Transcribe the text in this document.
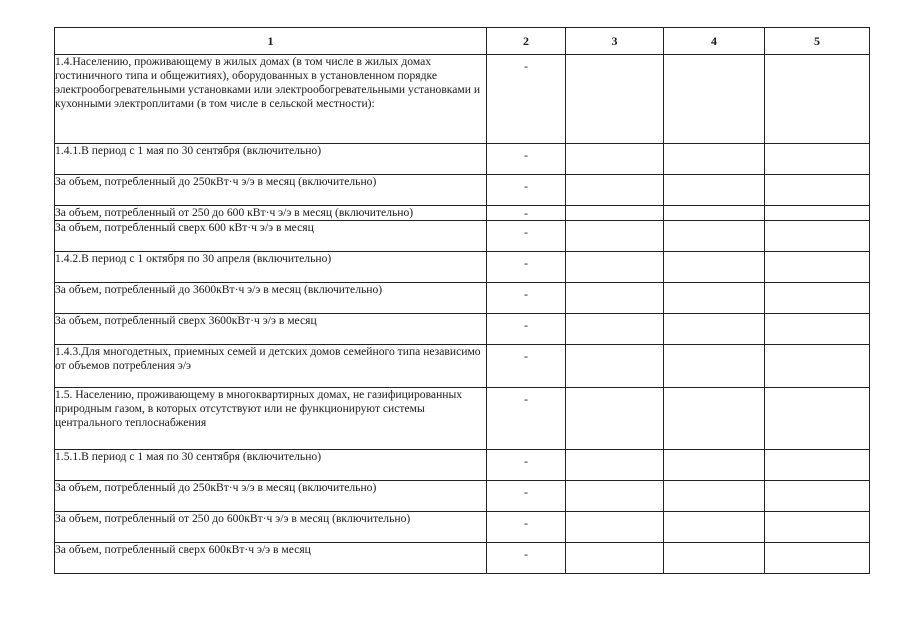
1	2	3	4	5
1.4.Населению, проживающему в жилых домах (в том числе в жилых домах гостиничного типа и общежитиях), оборудованных в установленном порядке электрообогревательными установками или электрообогревательными установками и кухонными электроплитами (в том числе в сельской местности):	-			
1.4.1.В период с 1 мая по 30 сентября (включительно)	-			
За объем, потребленный до 250кВт·ч э/э в месяц (включительно)	-			
За объем, потребленный от 250 до 600 кВт·ч э/э в месяц (включительно)	-			
За объем, потребленный сверх 600 кВт·ч э/э в месяц	-			
1.4.2.В период с 1 октября по 30 апреля (включительно)	-			
За объем, потребленный до 3600кВт·ч э/э в месяц (включительно)	-			
За объем, потребленный сверх 3600кВт·ч э/э в месяц	-			
1.4.3.Для многодетных, приемных семей и детских домов семейного типа независимо от объемов потребления э/э	-			
1.5. Населению, проживающему в многоквартирных домах, не газифицированных природным газом, в которых отсутствуют или не функционируют системы центрального теплоснабжения	-			
1.5.1.В период с 1 мая по 30 сентября (включительно)	-			
За объем, потребленный до 250кВт·ч э/э в месяц (включительно)	-			
За объем, потребленный от 250 до 600кВт·ч э/э в месяц (включительно)	-			
За объем, потребленный сверх 600кВт·ч э/э в месяц	-			
